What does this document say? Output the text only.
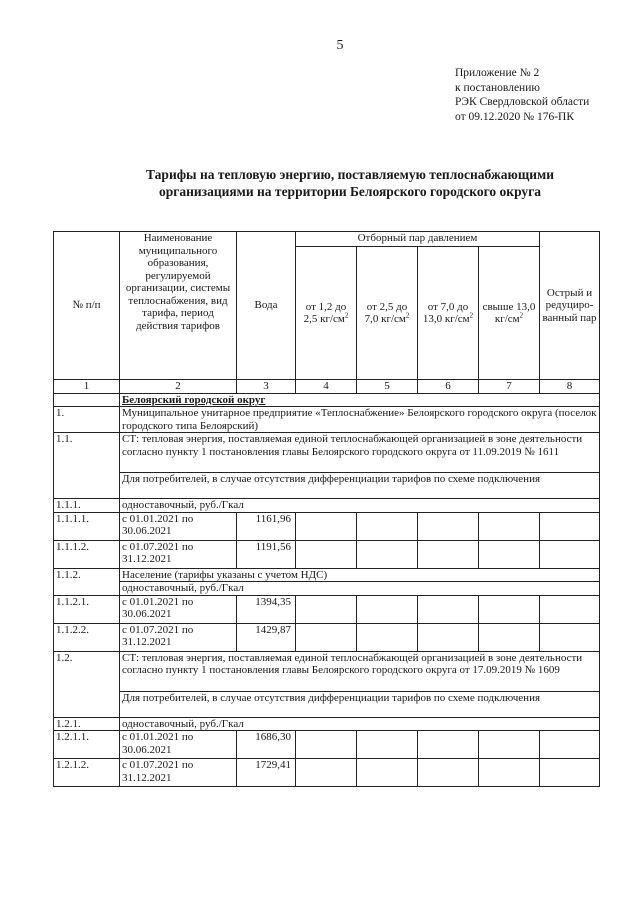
5
Приложение № 2
к постановлению
РЭК Свердловской области
от 09.12.2020 № 176-ПК
Тарифы на тепловую энергию, поставляемую теплоснабжающими
организациями на территории Белоярского городского округа
№ п/п	Наименование муниципального образования, регулируемой организации, системы теплоснабжения, вид тарифа, период действия тарифов	Вода	Отборный пар давлением				Острый и редуциро-ванный пар
			от 1,2 до 2,5 $кг/см^2$	от 2,5 до 7,0 $кг/см^2$	от 7,0 до 13,0 $кг/см^2$	свыше 13,0 $кг/см^2$
1	2	3	4	5	6	7	8
	Белоярский городской округ						
1.	Муниципальное унитарное предприятие «Теплоснабжение» Белоярского городского округа (поселок городского типа Белоярский)						
1.1.	СТ: тепловая энергия, поставляемая единой теплоснабжающей организацией в зоне деятельности согласно пункту 1 постановления главы Белоярского городского округа от 11.09.2019 № 1611						
	Для потребителей, в случае отсутствия дифференциации тарифов по схеме подключения						
1.1.1.	одноставочный, руб./Гкал						
1.1.1.1.	с 01.01.2021 по 30.06.2021	1161,96					
1.1.1.2.	с 01.07.2021 по 31.12.2021	1191,56					
1.1.2.	Население (тарифы указаны с учетом НДС)						
	одноставочный, руб./Гкал						
1.1.2.1.	с 01.01.2021 по 30.06.2021	1394,35					
1.1.2.2.	с 01.07.2021 по 31.12.2021	1429,87					
1.2.	СТ: тепловая энергия, поставляемая единой теплоснабжающей организацией в зоне деятельности согласно пункту 1 постановления главы Белоярского городского округа от 17.09.2019 № 1609						
	Для потребителей, в случае отсутствия дифференциации тарифов по схеме подключения						
1.2.1.	одноставочный, руб./Гкал						
1.2.1.1.	с 01.01.2021 по 30.06.2021	1686,30					
1.2.1.2.	с 01.07.2021 по 31.12.2021	1729,41					
